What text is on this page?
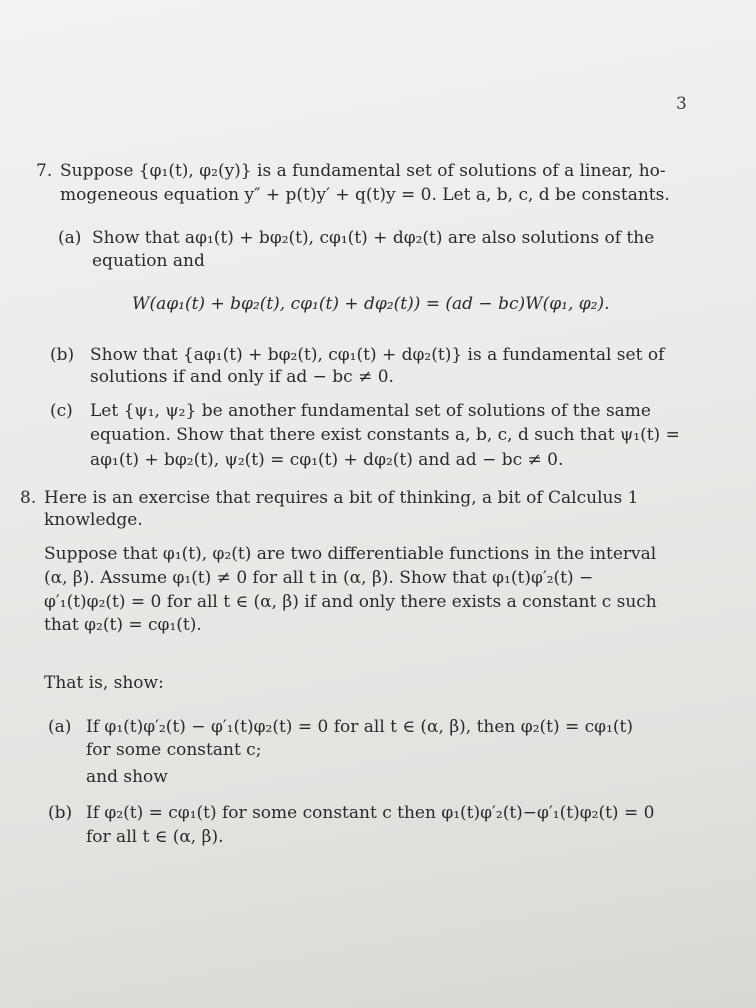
3
7. Suppose {φ₁(t), φ₂(y)} is a fundamental set of solutions of a linear, ho-
mogeneous equation y″ + p(t)y′ + q(t)y = 0. Let a, b, c, d be constants.
(a) Show that aφ₁(t) + bφ₂(t), cφ₁(t) + dφ₂(t) are also solutions of the
equation and
W(aφ₁(t) + bφ₂(t), cφ₁(t) + dφ₂(t)) = (ad − bc)W(φ₁, φ₂).
(b) Show that {aφ₁(t) + bφ₂(t), cφ₁(t) + dφ₂(t)} is a fundamental set of
solutions if and only if ad − bc ≠ 0.
(c) Let {ψ₁, ψ₂} be another fundamental set of solutions of the same
equation. Show that there exist constants a, b, c, d such that ψ₁(t) =
aφ₁(t) + bφ₂(t), ψ₂(t) = cφ₁(t) + dφ₂(t) and ad − bc ≠ 0.
8. Here is an exercise that requires a bit of thinking, a bit of Calculus 1
knowledge.
Suppose that φ₁(t), φ₂(t) are two differentiable functions in the interval
(α, β). Assume φ₁(t) ≠ 0 for all t in (α, β). Show that φ₁(t)φ′₂(t) −
φ′₁(t)φ₂(t) = 0 for all t ∈ (α, β) if and only there exists a constant c such
that φ₂(t) = cφ₁(t).
That is, show:
(a) If φ₁(t)φ′₂(t) − φ′₁(t)φ₂(t) = 0 for all t ∈ (α, β), then φ₂(t) = cφ₁(t)
for some constant c;
and show
(b) If φ₂(t) = cφ₁(t) for some constant c then φ₁(t)φ′₂(t)−φ′₁(t)φ₂(t) = 0
for all t ∈ (α, β).
